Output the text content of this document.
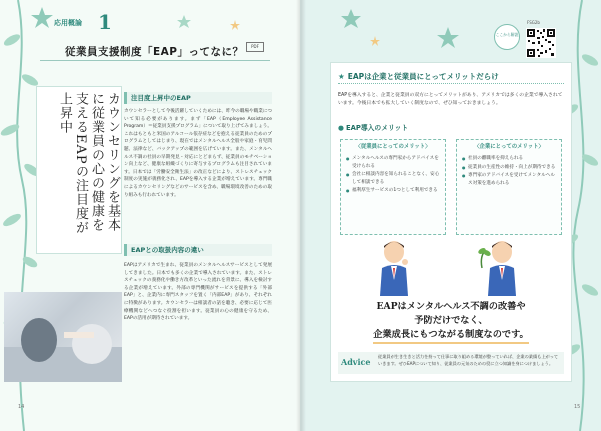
応用概論 1
従業員支援制度「EAP」ってなに？	PDF
カウンセリングを基本に従業員の心の健康を支えるEAPの注目度が上昇中	注目度上昇中のEAP

カウンセラーとして今後活躍していくためには、昨今の職場や職業について知る必要があります。まず「EAP（Employee Assistance Program）＝従業員支援プログラム」について取り上げてみましょう。これはもともと米国のアルコール依存症などを抱える従業員のためのプログラムとしてはじまり、現在ではメンタルヘルス全般や家庭・育児問題、法律など、バックアップの範囲を広げています。また、メンタルヘルス不調の社員の早期発見・対応にとどまらず、従業員のモチベーション向上など、健康な組織づくりに寄与するプログラムも注目されています。日本では「労働安全衛生法」の改正などにより、ストレスチェック制度の実施が義務化され、EAPを導入する企業が増えています。専門職によるカウンセリングなどのサービスを含め、職場環境改善のための取り組みも行われています。

EAPとの取扱内容の違い

EAPはアメリカで生まれ、従業員のメンタルヘルスサービスとして発展してきました。日本でも多くの企業で導入されています。また、ストレスチェックの義務化や働き方改革といった流れを背景に、導入を検討する企業が増えています。外部の専門機関がサービスを提供する「外部EAP」と、企業内に専門スタッフを置く「内部EAP」があり、それぞれに特徴があります。カウンセラーは相談者の話を聴き、必要に応じて医療機関などへつなぐ役割を担います。従業員の心の健康を守るため、EAPの活用が期待されています。

14
ここから解説
FSG2b
★ EAPは企業と従業員にとってメリットだらけ

EAPを導入すると、企業と従業員の双方にとってメリットがあり、アメリカでは多くの企業で導入されています。今後日本でも拡大していく制度なので、ぜひ知っておきましょう。

● EAP導入のメリット
〈従業員にとってのメリット〉
● メンタルヘルスの専門家からアドバイスを受けられる
● 会社に相談内容を知られることなく、安心して相談できる
● 福利厚生サービスの1つとして利用できる
〈企業にとってのメリット〉
● 社員の離職率を抑えられる
● 従業員の生産性の維持・向上が期待できる
● 専門家のアドバイスを受けてメンタルヘルス対策を進められる
EAPはメンタルヘルス不調の改善や
予防だけでなく、
企業成長にもつながる制度なのです。
Advice

従業員が生き生きと活力を持って仕事に取り組める環境が整っていれば、企業の業績も上がっていきます。ぜひEAPについて知り、従業員の元気のための役に立つ知識を身につけましょう。

15
